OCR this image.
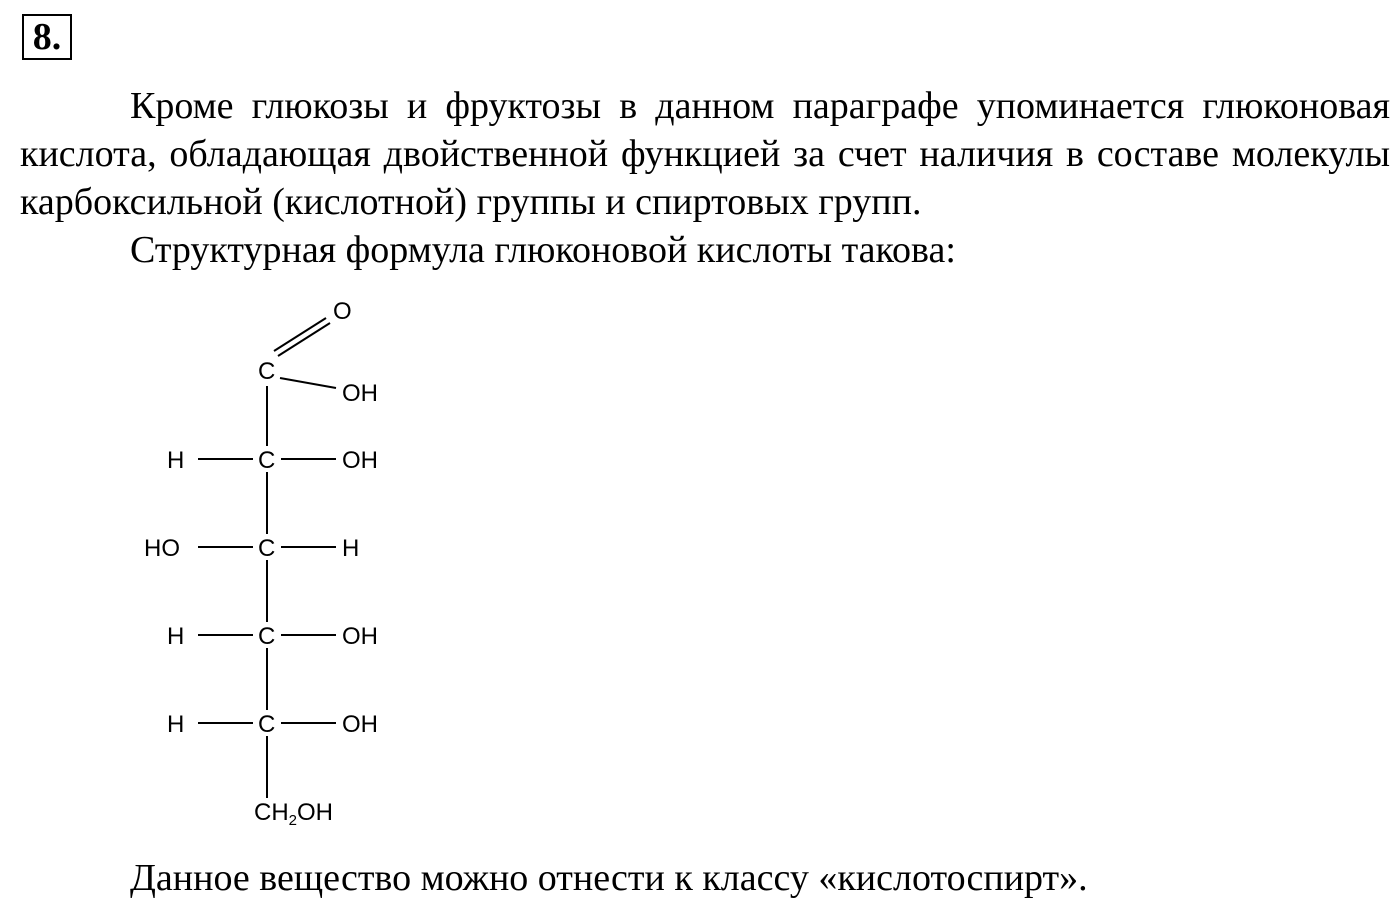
8.

Кроме глюкозы и фруктозы в данном параграфе упоминается глюконовая кислота, обладающая двойственной функцией за счет наличия в составе молекулы карбоксильной (кислотной) группы и спиртовых групп.

Структурная формула глюконовой кислоты такова:

O
C
OH
H	C	OH
HO	C	H
H	C	OH
H	C	OH
$CH_2OH$

Данное вещество можно отнести к классу «кислотоспирт».
